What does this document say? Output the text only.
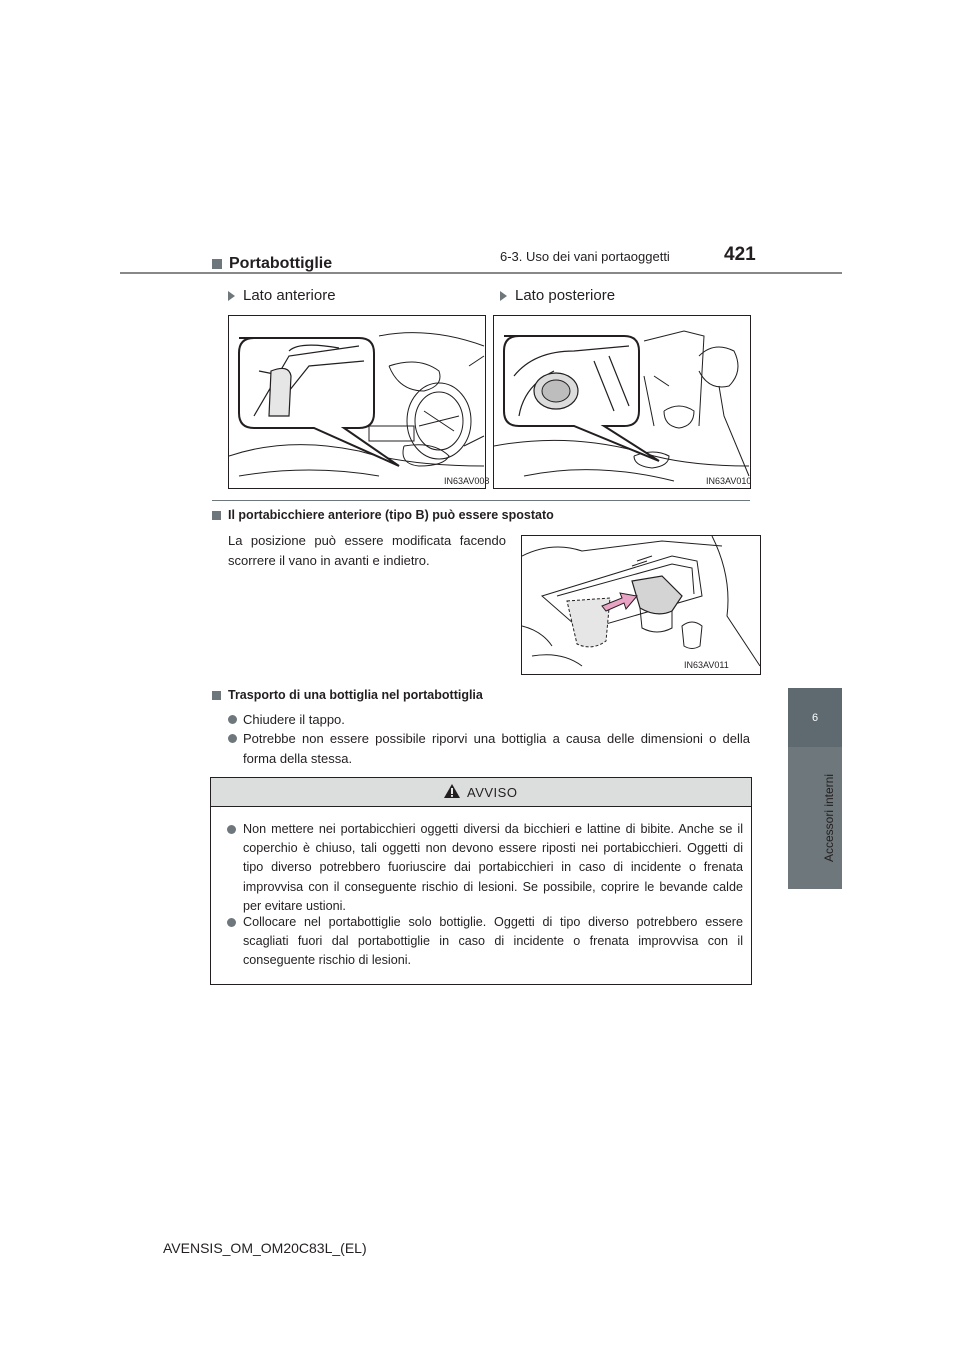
6-3. Uso dei vani portaoggetti	421
6
Accessori interni
Portabottiglie
Lato anteriore	Lato posteriore
IN63AV008	IN63AV010
Il portabicchiere anteriore (tipo B) può essere spostato
La posizione può essere modificata facendo scorrere il vano in avanti e indietro.
IN63AV011
Trasporto di una bottiglia nel portabottiglia
Chiudere il tappo.
Potrebbe non essere possibile riporvi una bottiglia a causa delle dimensioni o della forma della stessa.
AVVISO
Non mettere nei portabicchieri oggetti diversi da bicchieri e lattine di bibite. Anche se il coperchio è chiuso, tali oggetti non devono essere riposti nei portabicchieri. Oggetti di tipo diverso potrebbero fuoriuscire dai portabicchieri in caso di incidente o frenata improvvisa con il conseguente rischio di lesioni. Se possibile, coprire le bevande calde per evitare ustioni.
Collocare nel portabottiglie solo bottiglie. Oggetti di tipo diverso potrebbero essere scagliati fuori dal portabottiglie in caso di incidente o frenata improvvisa con il conseguente rischio di lesioni.
AVENSIS_OM_OM20C83L_(EL)
